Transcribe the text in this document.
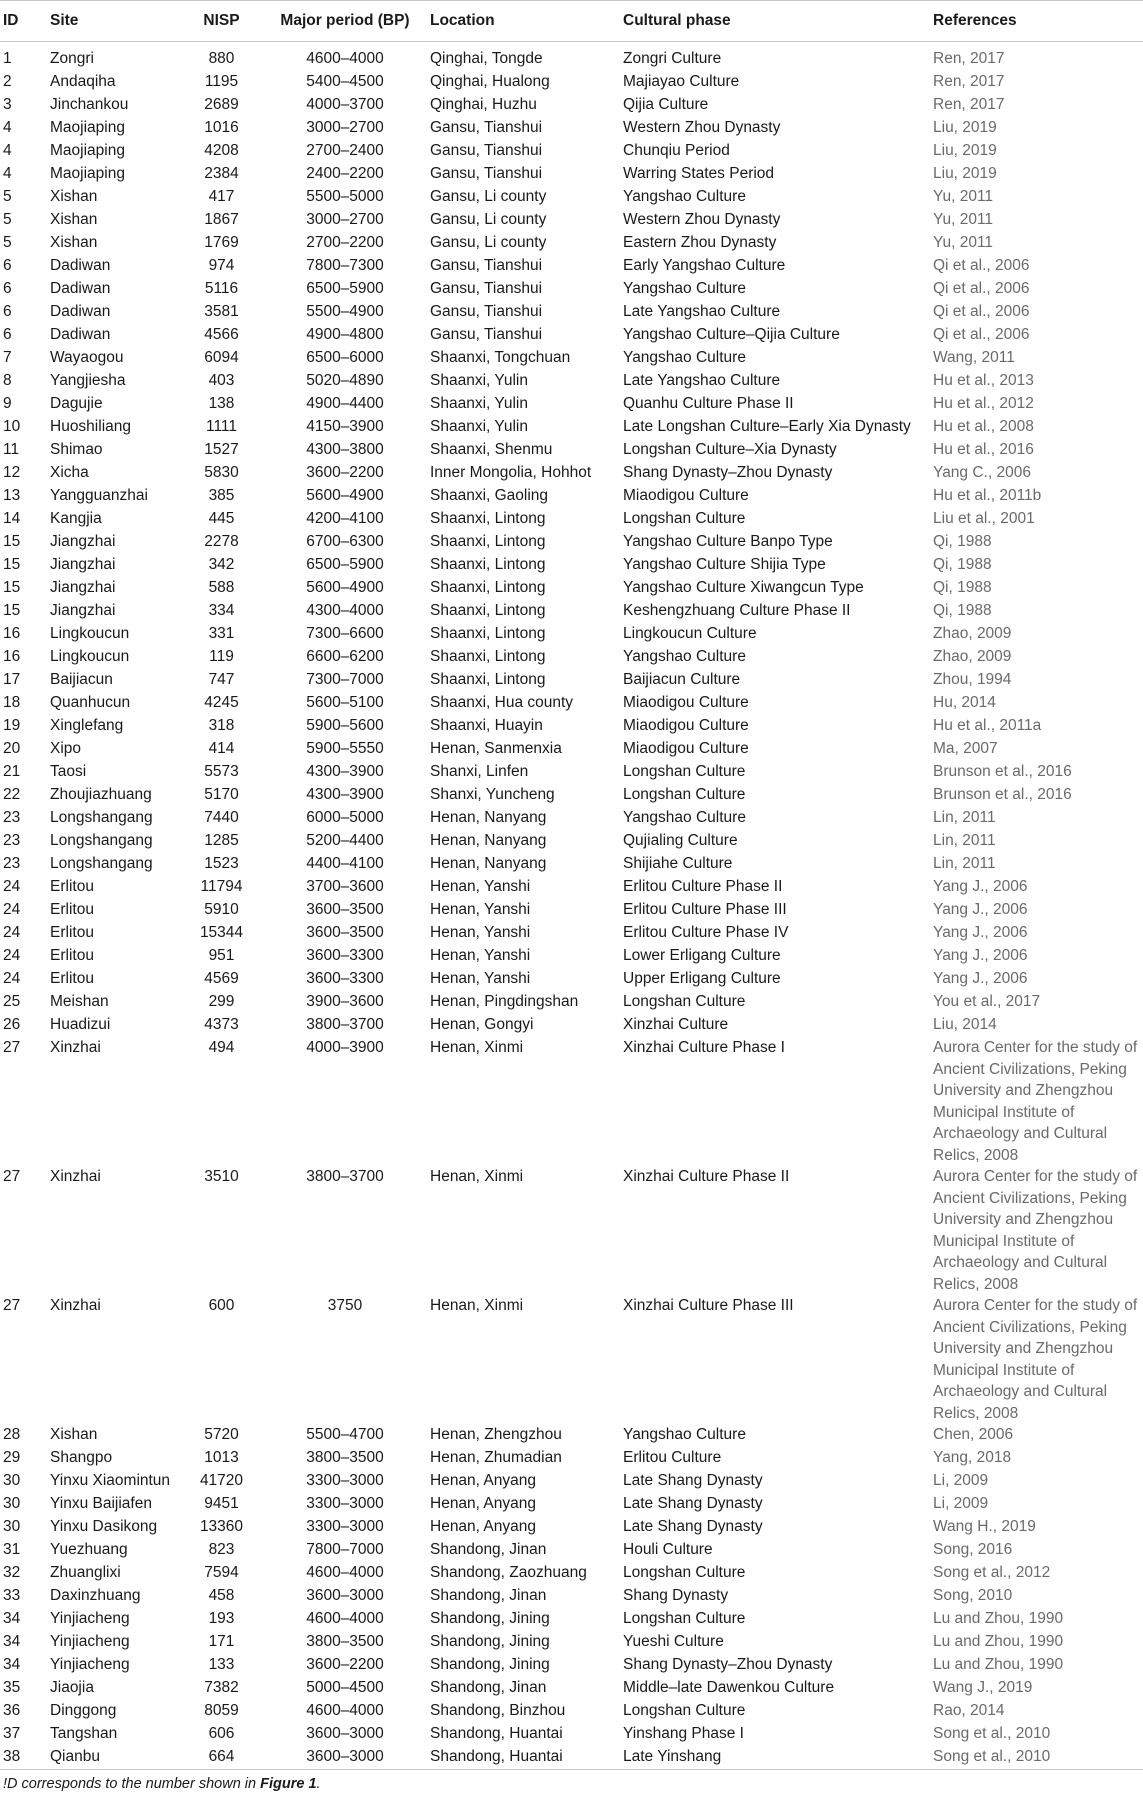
ID	Site	NISP	Major period (BP)	Location	Cultural phase	References
1	Zongri	880	4600–4000	Qinghai, Tongde	Zongri Culture	Ren, 2017
2	Andaqiha	1195	5400–4500	Qinghai, Hualong	Majiayao Culture	Ren, 2017
3	Jinchankou	2689	4000–3700	Qinghai, Huzhu	Qijia Culture	Ren, 2017
4	Maojiaping	1016	3000–2700	Gansu, Tianshui	Western Zhou Dynasty	Liu, 2019
4	Maojiaping	4208	2700–2400	Gansu, Tianshui	Chunqiu Period	Liu, 2019
4	Maojiaping	2384	2400–2200	Gansu, Tianshui	Warring States Period	Liu, 2019
5	Xishan	417	5500–5000	Gansu, Li county	Yangshao Culture	Yu, 2011
5	Xishan	1867	3000–2700	Gansu, Li county	Western Zhou Dynasty	Yu, 2011
5	Xishan	1769	2700–2200	Gansu, Li county	Eastern Zhou Dynasty	Yu, 2011
6	Dadiwan	974	7800–7300	Gansu, Tianshui	Early Yangshao Culture	Qi et al., 2006
6	Dadiwan	5116	6500–5900	Gansu, Tianshui	Yangshao Culture	Qi et al., 2006
6	Dadiwan	3581	5500–4900	Gansu, Tianshui	Late Yangshao Culture	Qi et al., 2006
6	Dadiwan	4566	4900–4800	Gansu, Tianshui	Yangshao Culture–Qijia Culture	Qi et al., 2006
7	Wayaogou	6094	6500–6000	Shaanxi, Tongchuan	Yangshao Culture	Wang, 2011
8	Yangjiesha	403	5020–4890	Shaanxi, Yulin	Late Yangshao Culture	Hu et al., 2013
9	Dagujie	138	4900–4400	Shaanxi, Yulin	Quanhu Culture Phase II	Hu et al., 2012
10	Huoshiliang	1111	4150–3900	Shaanxi, Yulin	Late Longshan Culture–Early Xia Dynasty	Hu et al., 2008
11	Shimao	1527	4300–3800	Shaanxi, Shenmu	Longshan Culture–Xia Dynasty	Hu et al., 2016
12	Xicha	5830	3600–2200	Inner Mongolia, Hohhot	Shang Dynasty–Zhou Dynasty	Yang C., 2006
13	Yangguanzhai	385	5600–4900	Shaanxi, Gaoling	Miaodigou Culture	Hu et al., 2011b
14	Kangjia	445	4200–4100	Shaanxi, Lintong	Longshan Culture	Liu et al., 2001
15	Jiangzhai	2278	6700–6300	Shaanxi, Lintong	Yangshao Culture Banpo Type	Qi, 1988
15	Jiangzhai	342	6500–5900	Shaanxi, Lintong	Yangshao Culture Shijia Type	Qi, 1988
15	Jiangzhai	588	5600–4900	Shaanxi, Lintong	Yangshao Culture Xiwangcun Type	Qi, 1988
15	Jiangzhai	334	4300–4000	Shaanxi, Lintong	Keshengzhuang Culture Phase II	Qi, 1988
16	Lingkoucun	331	7300–6600	Shaanxi, Lintong	Lingkoucun Culture	Zhao, 2009
16	Lingkoucun	119	6600–6200	Shaanxi, Lintong	Yangshao Culture	Zhao, 2009
17	Baijiacun	747	7300–7000	Shaanxi, Lintong	Baijiacun Culture	Zhou, 1994
18	Quanhucun	4245	5600–5100	Shaanxi, Hua county	Miaodigou Culture	Hu, 2014
19	Xinglefang	318	5900–5600	Shaanxi, Huayin	Miaodigou Culture	Hu et al., 2011a
20	Xipo	414	5900–5550	Henan, Sanmenxia	Miaodigou Culture	Ma, 2007
21	Taosi	5573	4300–3900	Shanxi, Linfen	Longshan Culture	Brunson et al., 2016
22	Zhoujiazhuang	5170	4300–3900	Shanxi, Yuncheng	Longshan Culture	Brunson et al., 2016
23	Longshangang	7440	6000–5000	Henan, Nanyang	Yangshao Culture	Lin, 2011
23	Longshangang	1285	5200–4400	Henan, Nanyang	Qujialing Culture	Lin, 2011
23	Longshangang	1523	4400–4100	Henan, Nanyang	Shijiahe Culture	Lin, 2011
24	Erlitou	11794	3700–3600	Henan, Yanshi	Erlitou Culture Phase II	Yang J., 2006
24	Erlitou	5910	3600–3500	Henan, Yanshi	Erlitou Culture Phase III	Yang J., 2006
24	Erlitou	15344	3600–3500	Henan, Yanshi	Erlitou Culture Phase IV	Yang J., 2006
24	Erlitou	951	3600–3300	Henan, Yanshi	Lower Erligang Culture	Yang J., 2006
24	Erlitou	4569	3600–3300	Henan, Yanshi	Upper Erligang Culture	Yang J., 2006
25	Meishan	299	3900–3600	Henan, Pingdingshan	Longshan Culture	You et al., 2017
26	Huadizui	4373	3800–3700	Henan, Gongyi	Xinzhai Culture	Liu, 2014
27	Xinzhai	494	4000–3900	Henan, Xinmi	Xinzhai Culture Phase I	Aurora Center for the study of Ancient Civilizations, Peking University and Zhengzhou Municipal Institute of Archaeology and Cultural Relics, 2008
27	Xinzhai	3510	3800–3700	Henan, Xinmi	Xinzhai Culture Phase II	Aurora Center for the study of Ancient Civilizations, Peking University and Zhengzhou Municipal Institute of Archaeology and Cultural Relics, 2008
27	Xinzhai	600	3750	Henan, Xinmi	Xinzhai Culture Phase III	Aurora Center for the study of Ancient Civilizations, Peking University and Zhengzhou Municipal Institute of Archaeology and Cultural Relics, 2008
28	Xishan	5720	5500–4700	Henan, Zhengzhou	Yangshao Culture	Chen, 2006
29	Shangpo	1013	3800–3500	Henan, Zhumadian	Erlitou Culture	Yang, 2018
30	Yinxu Xiaomintun	41720	3300–3000	Henan, Anyang	Late Shang Dynasty	Li, 2009
30	Yinxu Baijiafen	9451	3300–3000	Henan, Anyang	Late Shang Dynasty	Li, 2009
30	Yinxu Dasikong	13360	3300–3000	Henan, Anyang	Late Shang Dynasty	Wang H., 2019
31	Yuezhuang	823	7800–7000	Shandong, Jinan	Houli Culture	Song, 2016
32	Zhuanglixi	7594	4600–4000	Shandong, Zaozhuang	Longshan Culture	Song et al., 2012
33	Daxinzhuang	458	3600–3000	Shandong, Jinan	Shang Dynasty	Song, 2010
34	Yinjiacheng	193	4600–4000	Shandong, Jining	Longshan Culture	Lu and Zhou, 1990
34	Yinjiacheng	171	3800–3500	Shandong, Jining	Yueshi Culture	Lu and Zhou, 1990
34	Yinjiacheng	133	3600–2200	Shandong, Jining	Shang Dynasty–Zhou Dynasty	Lu and Zhou, 1990
35	Jiaojia	7382	5000–4500	Shandong, Jinan	Middle–late Dawenkou Culture	Wang J., 2019
36	Dinggong	8059	4600–4000	Shandong, Binzhou	Longshan Culture	Rao, 2014
37	Tangshan	606	3600–3000	Shandong, Huantai	Yinshang Phase I	Song et al., 2010
38	Qianbu	664	3600–3000	Shandong, Huantai	Late Yinshang	Song et al., 2010
!D corresponds to the number shown in Figure 1.						
